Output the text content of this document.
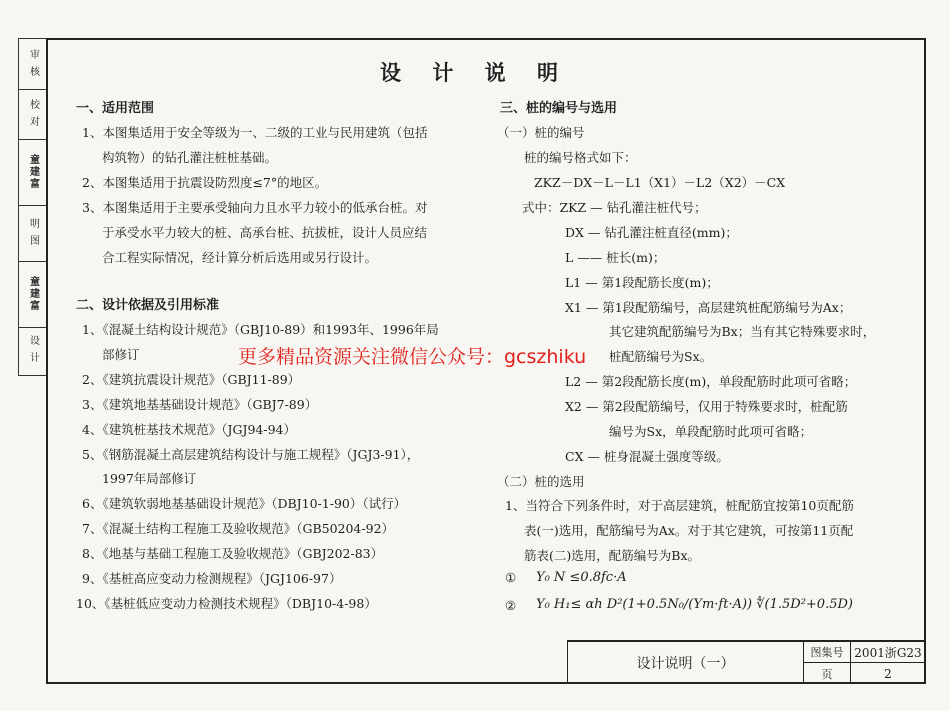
审 核
校 对
童建富
明 图
童建富
设 计
设 计 说 明
一、适用范围
1、本图集适用于安全等级为一、二级的工业与民用建筑（包括
构筑物）的钻孔灌注桩桩基础。
2、本图集适用于抗震设防烈度≤7°的地区。
3、本图集适用于主要承受轴向力且水平力较小的低承台桩。对
于承受水平力较大的桩、高承台桩、抗拔桩，设计人员应结
合工程实际情况，经计算分析后选用或另行设计。
二、设计依据及引用标准
1、《混凝土结构设计规范》（GBJ10-89）和1993年、1996年局
部修订
2、《建筑抗震设计规范》（GBJ11-89）
3、《建筑地基基础设计规范》（GBJ7-89）
4、《建筑桩基技术规范》（JGJ94-94）
5、《钢筋混凝土高层建筑结构设计与施工规程》（JGJ3-91），
1997年局部修订
6、《建筑软弱地基基础设计规范》（DBJ10-1-90）（试行）
7、《混凝土结构工程施工及验收规范》（GB50204-92）
8、《地基与基础工程施工及验收规范》（GBJ202-83）
9、《基桩高应变动力检测规程》（JGJ106-97）
10、《基桩低应变动力检测技术规程》（DBJ10-4-98）
三、桩的编号与选用
（一）桩的编号
桩的编号格式如下：
ZKZ－DX－L－L1（X1）－L2（X2）－CX
式中：ZKZ — 钻孔灌注桩代号；
DX — 钻孔灌注桩直径(mm)；
L —— 桩长(m)；
L1 — 第1段配筋长度(m)；
X1 — 第1段配筋编号，高层建筑桩配筋编号为Ax；
其它建筑配筋编号为Bx；当有其它特殊要求时，
桩配筋编号为Sx。
L2 — 第2段配筋长度(m)，单段配筋时此项可省略；
X2 — 第2段配筋编号，仅用于特殊要求时，桩配筋
编号为Sx，单段配筋时此项可省略；
CX — 桩身混凝土强度等级。
（二）桩的选用
1、当符合下列条件时，对于高层建筑，桩配筋宜按第10页配筋
表(一)选用，配筋编号为Ax。对于其它建筑，可按第11页配
筋表(二)选用，配筋编号为Bx。
① Y₀ N ≤0.8fc·A
② Y₀ H₁≤ αh D²(1+0.5N₀/(Ym·ft·A)) ∜(1.5D²+0.5D)
更多精品资源关注微信公众号：gcszhiku
设计说明（一）
图集号 2001浙G23
页	2
